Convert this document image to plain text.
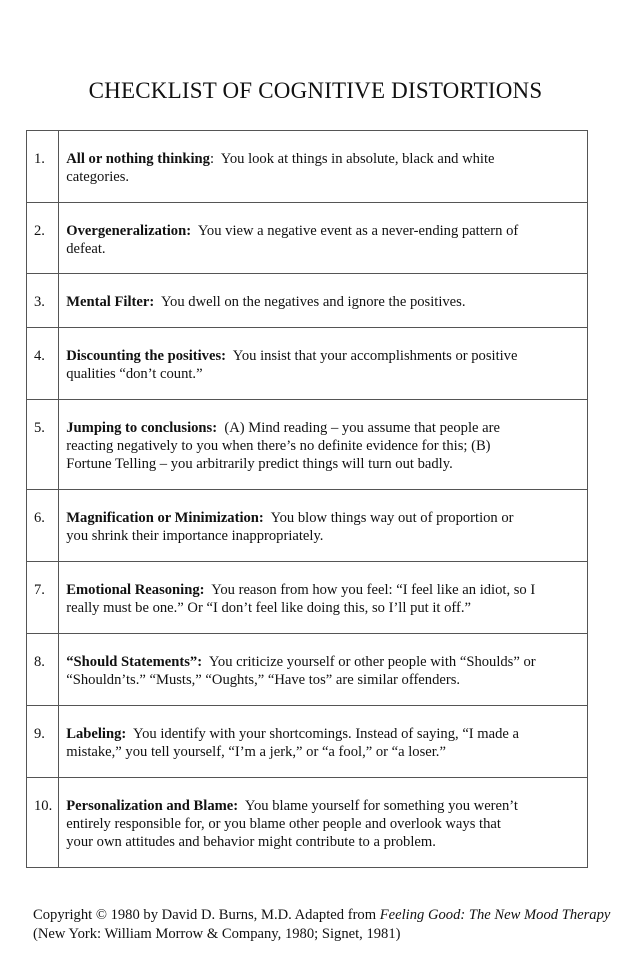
CHECKLIST OF COGNITIVE DISTORTIONS
1.	All or nothing thinking:  You look at things in absolute, black and white
categories.
2.	Overgeneralization: You view a negative event as a never-ending pattern of
defeat.
3.	Mental Filter: You dwell on the negatives and ignore the positives.
4.	Discounting the positives: You insist that your accomplishments or positive
qualities “don’t count.”
5.	Jumping to conclusions: (A) Mind reading – you assume that people are
reacting negatively to you when there’s no definite evidence for this; (B)
Fortune Telling – you arbitrarily predict things will turn out badly.
6.	Magnification or Minimization: You blow things way out of proportion or
you shrink their importance inappropriately.
7.	Emotional Reasoning: You reason from how you feel: “I feel like an idiot, so I
really must be one.” Or “I don’t feel like doing this, so I’ll put it off.”
8.	“Should Statements”: You criticize yourself or other people with “Shoulds” or
“Shouldn’ts.” “Musts,” “Oughts,” “Have tos” are similar offenders.
9.	Labeling: You identify with your shortcomings. Instead of saying, “I made a
mistake,” you tell yourself, “I’m a jerk,” or “a fool,” or “a loser.”
10.	Personalization and Blame: You blame yourself for something you weren’t
entirely responsible for, or you blame other people and overlook ways that
your own attitudes and behavior might contribute to a problem.
Copyright © 1980 by David D. Burns, M.D. Adapted from Feeling Good: The New Mood Therapy (New York: William Morrow & Company, 1980; Signet, 1981)
